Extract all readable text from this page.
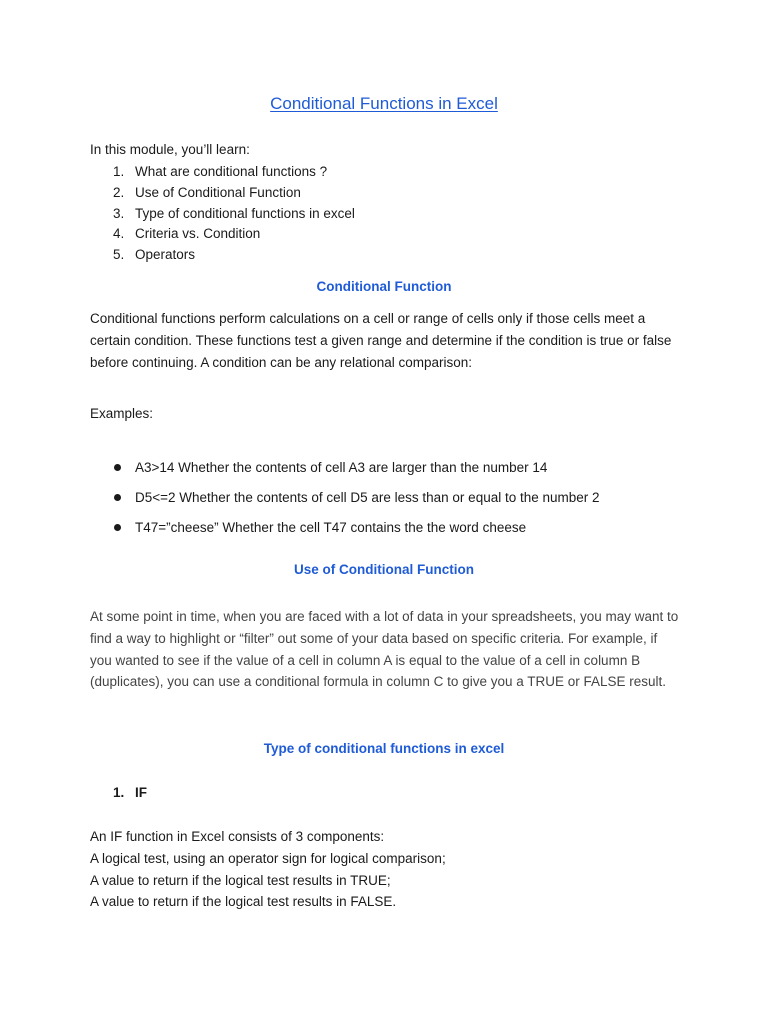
Conditional Functions in Excel

In this module, you’ll learn:

1. What are conditional functions ?
2. Use of Conditional Function
3. Type of conditional functions in excel
4. Criteria vs. Condition
5. Operators
Conditional Function

Conditional functions perform calculations on a cell or range of cells only if those cells meet a certain condition. These functions test a given range and determine if the condition is true or false before continuing. A condition can be any relational comparison:

Examples:

A3>14 Whether the contents of cell A3 are larger than the number 14
D5<=2 Whether the contents of cell D5 are less than or equal to the number 2
T47=”cheese” Whether the cell T47 contains the the word cheese
Use of Conditional Function

At some point in time, when you are faced with a lot of data in your spreadsheets, you may want to find a way to highlight or “filter” out some of your data based on specific criteria. For example, if you wanted to see if the value of a cell in column A is equal to the value of a cell in column B (duplicates), you can use a conditional formula in column C to give you a TRUE or FALSE result.

Type of conditional functions in excel

1. IF

An IF function in Excel consists of 3 components:
A logical test, using an operator sign for logical comparison;
A value to return if the logical test results in TRUE;
A value to return if the logical test results in FALSE.
